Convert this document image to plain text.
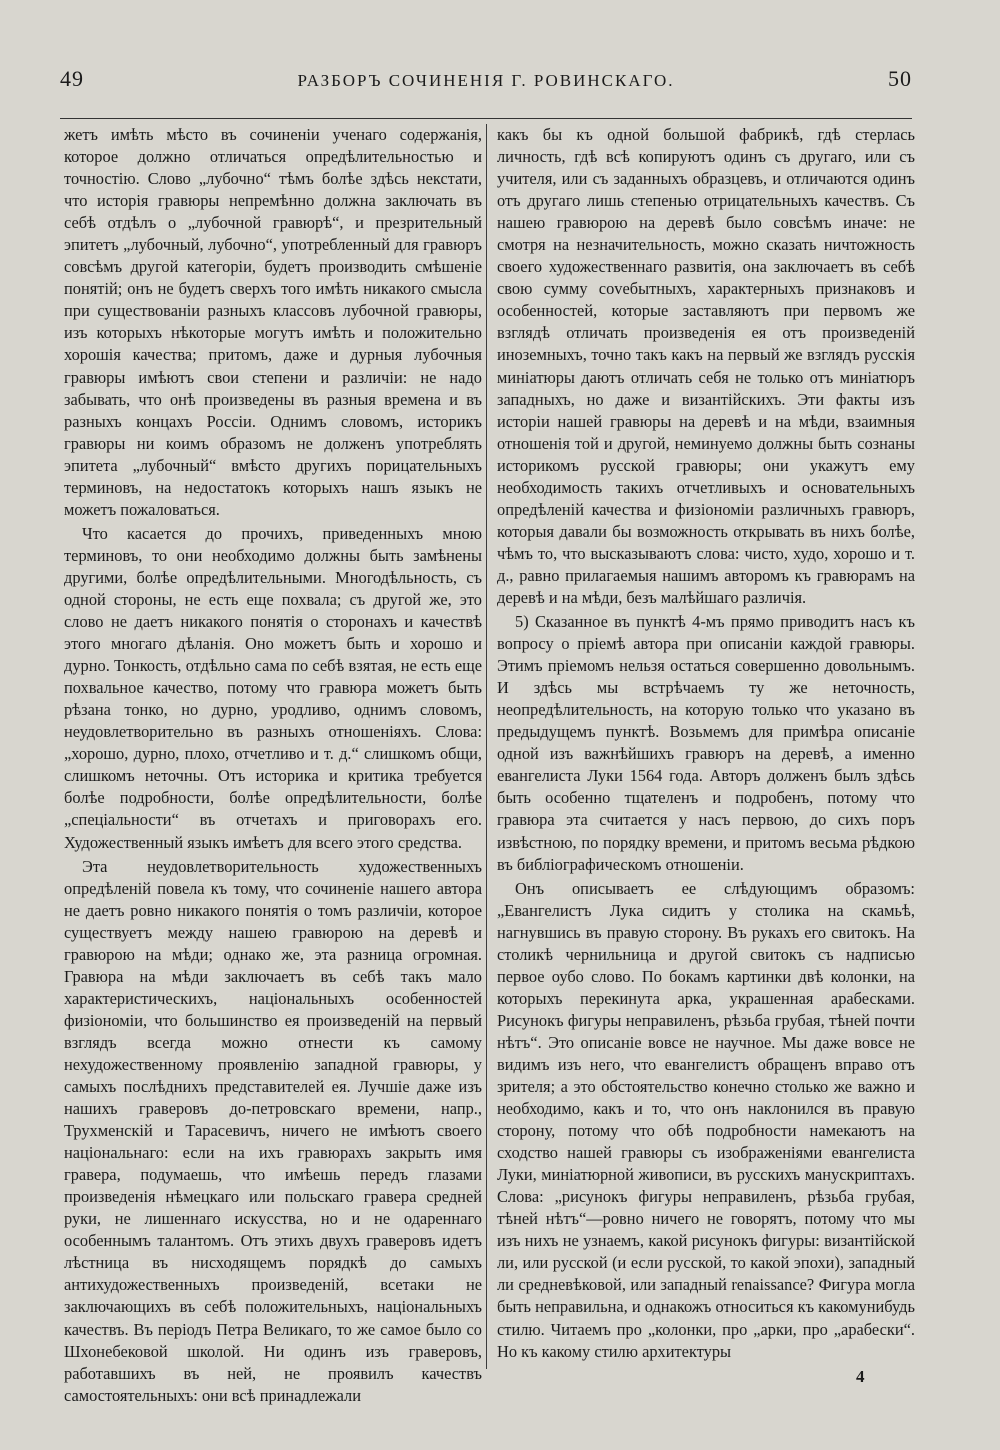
49	РАЗБОРЪ СОЧИНЕНІЯ Г. РОВИНСКАГО.	50

жетъ имѣть мѣсто въ сочиненіи ученаго содержанія, которое должно отличаться опредѣлительностью и точностію. Слово „лубочно“ тѣмъ болѣе здѣсь некстати, что исторія гравюры непремѣнно должна заключать въ себѣ отдѣлъ о „лубочной гравюрѣ“, и презрительный эпитетъ „лубочный, лубочно“, употребленный для гравюръ совсѣмъ другой категоріи, будетъ производить смѣшеніе понятій; онъ не будетъ сверхъ того имѣть никакого смысла при существованіи разныхъ классовъ лубочной гравюры, изъ которыхъ нѣкоторые могутъ имѣть и положительно хорошія качества; притомъ, даже и дурныя лубочныя гравюры имѣютъ свои степени и различіи: не надо забывать, что онѣ произведены въ разныя времена и въ разныхъ концахъ Россіи. Однимъ словомъ, историкъ гравюры ни коимъ образомъ не долженъ употреблять эпитета „лубочный“ вмѣсто другихъ порицательныхъ терминовъ, на недостатокъ которыхъ нашъ языкъ не можетъ пожаловаться.

Что касается до прочихъ, приведенныхъ мною терминовъ, то они необходимо должны быть замѣнены другими, болѣе опредѣлительными. Многодѣльность, съ одной стороны, не есть еще похвала; съ другой же, это слово не даетъ никакого понятія о сторонахъ и качествѣ этого многаго дѣланія. Оно можетъ быть и хорошо и дурно. Тонкость, отдѣльно сама по себѣ взятая, не есть еще похвальное качество, потому что гравюра можетъ быть рѣзана тонко, но дурно, уродливо, однимъ словомъ, неудовлетворительно въ разныхъ отношеніяхъ. Слова: „хорошо, дурно, плохо, отчетливо и т. д.“ слишкомъ общи, слишкомъ неточны. Отъ историка и критика требуется болѣе подробности, болѣе опредѣлительности, болѣе „спеціальности“ въ отчетахъ и приговорахъ его. Художественный языкъ имѣетъ для всего этого средства.

Эта неудовлетворительность художественныхъ опредѣленій повела къ тому, что сочиненіе нашего автора не даетъ ровно никакого понятія о томъ различіи, которое существуетъ между нашею гравюрою на деревѣ и гравюрою на мѣди; однако же, эта разница огромная. Гравюра на мѣди заключаетъ въ себѣ такъ мало характеристическихъ, національныхъ особенностей физіономіи, что большинство ея произведеній на первый взглядъ всегда можно отнести къ самому нехудожественному проявленію западной гравюры, у самыхъ послѣднихъ представителей ея. Лучшіе даже изъ нашихъ граверовъ до-петровскаго времени, напр., Трухменскій и Тарасевичъ, ничего не имѣютъ своего національнаго: если на ихъ гравюрахъ закрыть имя гравера, подумаешь, что имѣешь передъ глазами произведенія нѣмецкаго или польскаго гравера средней руки, не лишеннаго искусства, но и не одареннаго особеннымъ талантомъ. Отъ этихъ двухъ граверовъ идетъ лѣстница въ нисходящемъ порядкѣ до самыхъ антихудожественныхъ произведеній, всетаки не заключающихъ въ себѣ положительныхъ, національныхъ качествъ. Въ періодъ Петра Великаго, то же самое было со Шхонебековой школой. Ни одинъ изъ граверовъ, работавшихъ въ ней, не проявилъ качествъ самостоятельныхъ: они всѣ принадлежали

какъ бы къ одной большой фабрикѣ, гдѣ стерлась личность, гдѣ всѣ копируютъ одинъ съ другаго, или съ учителя, или съ заданныхъ образцевъ, и отличаются одинъ отъ другаго лишь степенью отрицательныхъ качествъ. Съ нашею гравюрою на деревѣ было совсѣмъ иначе: не смотря на незначительность, можно сказать ничтожность своего художественнаго развитія, она заключаетъ въ себѣ свою сумму сovебытныхъ, характерныхъ признаковъ и особенностей, которые заставляютъ при первомъ же взглядѣ отличать произведенія ея отъ произведеній иноземныхъ, точно такъ какъ на первый же взглядъ русскія миніатюры даютъ отличать себя не только отъ миніатюръ западныхъ, но даже и византійскихъ. Эти факты изъ исторіи нашей гравюры на деревѣ и на мѣди, взаимныя отношенія той и другой, неминуемо должны быть сознаны историкомъ русской гравюры; они укажутъ ему необходимость такихъ отчетливыхъ и основательныхъ опредѣленій качества и физіономіи различныхъ гравюръ, которыя давали бы возможность открывать въ нихъ болѣе, чѣмъ то, что высказываютъ слова: чисто, худо, хорошо и т. д., равно прилагаемыя нашимъ авторомъ къ гравюрамъ на деревѣ и на мѣди, безъ малѣйшаго различія.

5) Сказанное въ пунктѣ 4-мъ прямо приводитъ насъ къ вопросу о пріемѣ автора при описаніи каждой гравюры. Этимъ пріемомъ нельзя остаться совершенно довольнымъ. И здѣсь мы встрѣчаемъ ту же неточность, неопредѣлительность, на которую только что указано въ предыдущемъ пунктѣ. Возьмемъ для примѣра описаніе одной изъ важнѣйшихъ гравюръ на деревѣ, а именно евангелиста Луки 1564 года. Авторъ долженъ былъ здѣсь быть особенно тщателенъ и подробенъ, потому что гравюра эта считается у насъ первою, до сихъ поръ извѣстною, по порядку времени, и притомъ весьма рѣдкою въ библіографическомъ отношеніи.

Онъ описываетъ ее слѣдующимъ образомъ: „Евангелистъ Лука сидитъ у столика на скамьѣ, нагнувшись въ правую сторону. Въ рукахъ его свитокъ. На столикѣ чернильница и другой свитокъ съ надписью первое оубо слово. По бокамъ картинки двѣ колонки, на которыхъ перекинута арка, украшенная арабесками. Рисунокъ фигуры неправиленъ, рѣзьба грубая, тѣней почти нѣтъ“. Это описаніе вовсе не научное. Мы даже вовсе не видимъ изъ него, что евангелистъ обращенъ вправо отъ зрителя; а это обстоятельство конечно столько же важно и необходимо, какъ и то, что онъ наклонился въ правую сторону, потому что обѣ подробности намекаютъ на сходство нашей гравюры съ изображеніями евангелиста Луки, миніатюрной живописи, въ русскихъ манускриптахъ. Слова: „рисунокъ фигуры неправиленъ, рѣзьба грубая, тѣней нѣтъ“—ровно ничего не говорятъ, потому что мы изъ нихъ не узнаемъ, какой рисунокъ фигуры: византійской ли, или русской (и если русской, то какой эпохи), западный ли средневѣковой, или западный renaissance? Фигура могла быть неправильна, и однакожъ относиться къ какомунибудь стилю. Читаемъ про „колонки, про „арки, про „арабески“. Но къ какому стилю архитектуры

4
